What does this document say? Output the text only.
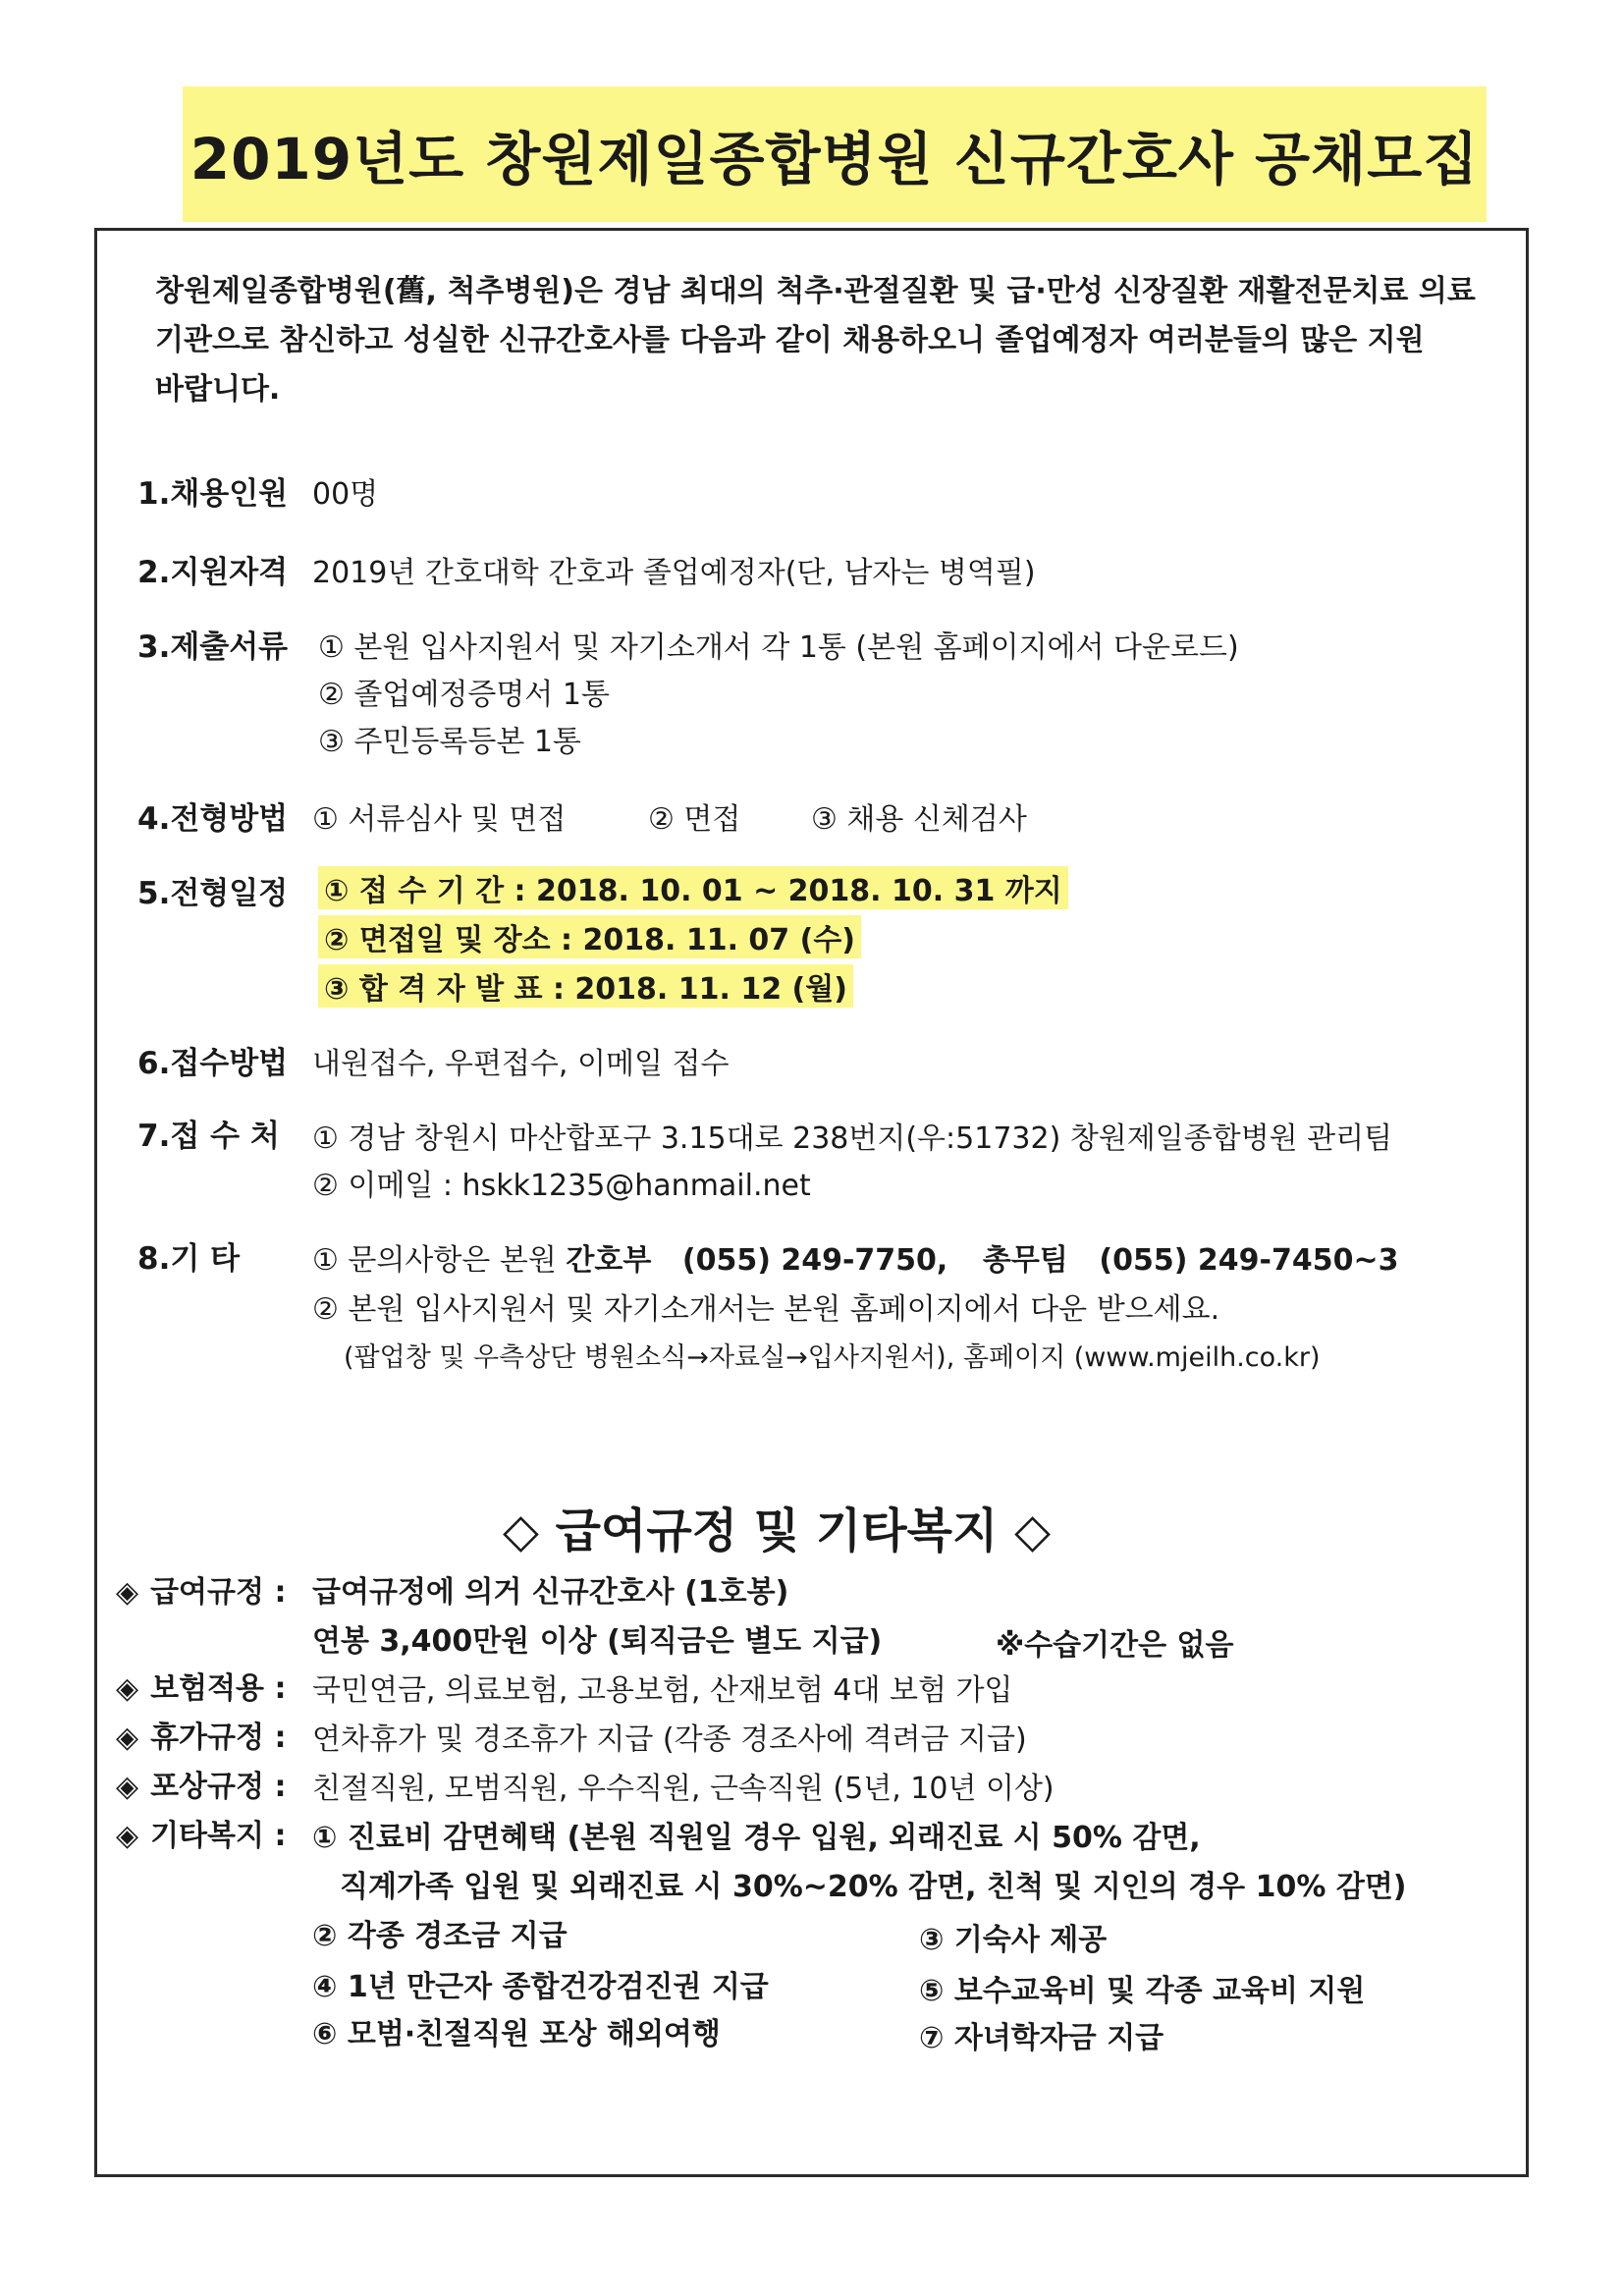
2019년도 창원제일종합병원 신규간호사 공채모집

창원제일종합병원(舊, 척추병원)은 경남 최대의 척추·관절질환 및 급·만성 신장질환 재활전문치료 의료

기관으로 참신하고 성실한 신규간호사를 다음과 같이 채용하오니 졸업예정자 여러분들의 많은 지원

바랍니다.

1.채용인원 00명
2.지원자격 2019년 간호대학 간호과 졸업예정자(단, 남자는 병역필)
3.제출서류 ① 본원 입사지원서 및 자기소개서 각 1통 (본원 홈페이지에서 다운로드)
② 졸업예정증명서 1통
③ 주민등록등본 1통
4.전형방법 ① 서류심사 및 면접	② 면접 ③ 채용 신체검사
5.전형일정 ① 접 수 기 간 : 2018. 10. 01 ~ 2018. 10. 31 까지
② 면접일 및 장소 : 2018. 11. 07 (수)
③ 합 격 자 발 표 : 2018. 11. 12 (월)
6.접수방법 내원접수, 우편접수, 이메일 접수
7.접 수 처 ① 경남 창원시 마산합포구 3.15대로 238번지(우:51732) 창원제일종합병원 관리팀
② 이메일 : hskk1235@hanmail.net
8.기 타 ① 문의사항은 본원 간호부 (055) 249-7750, 총무팀 (055) 249-7450~3
② 본원 입사지원서 및 자기소개서는 본원 홈페이지에서 다운 받으세요.
(팝업창 및 우측상단 병원소식→자료실→입사지원서), 홈페이지 (www.mjeilh.co.kr)
◇ 급여규정 및 기타복지 ◇
◈ 급여규정 : 급여규정에 의거 신규간호사 (1호봉)
연봉 3,400만원 이상 (퇴직금은 별도 지급)	※수습기간은 없음
◈ 보험적용 : 국민연금, 의료보험, 고용보험, 산재보험 4대 보험 가입
◈ 휴가규정 : 연차휴가 및 경조휴가 지급 (각종 경조사에 격려금 지급)
◈ 포상규정 : 친절직원, 모범직원, 우수직원, 근속직원 (5년, 10년 이상)
◈ 기타복지 : ① 진료비 감면혜택 (본원 직원일 경우 입원, 외래진료 시 50% 감면,
직계가족 입원 및 외래진료 시 30%~20% 감면, 친척 및 지인의 경우 10% 감면)
② 각종 경조금 지급	③ 기숙사 제공
④ 1년 만근자 종합건강검진권 지급	⑤ 보수교육비 및 각종 교육비 지원
⑥ 모범·친절직원 포상 해외여행	⑦ 자녀학자금 지급
